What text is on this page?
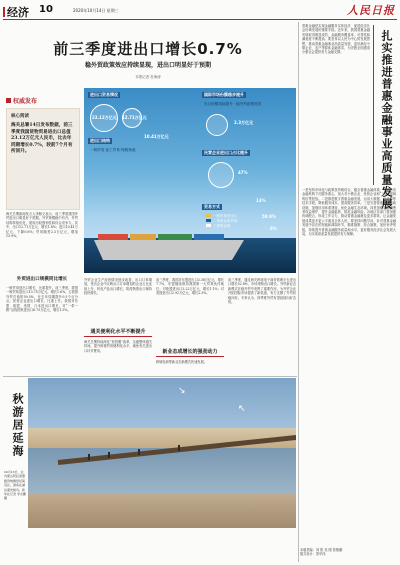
经济 10	2020年10月14日 星期三	人民日报
前三季度进出口增长0.7%
稳外贸政策效应持续显现，进出口明显好于预期
本报记者 杜海涛
权威发布
核心阅读
海关总署14日发布数据，前三季度我国货物贸易进出口总值23.12万亿元人民币，比去年同期增长0.7%，较前7个月有所回升。
海关总署新闻发言人李魁文表示，前三季度我国外贸进出口明显好于预期，外贸规模稳中有升，外贸结构持续优化，展现出较强韧性和综合竞争力。其中，出口12.71万亿元，增长1.8%；进口10.41万亿元，下降0.6%；贸易顺差2.3万亿元，增加13.9%。
外贸进出口规模同比增长
一般贸易进出口增长，比重提升。前三季度，我国一般贸易进出口13.75万亿元，增长1.6%，占我国外贸总值的59.5%，比去年同期提升0.5个百分点。民营企业进出口增长，比重上升。我国对东盟、欧盟、美国、日本进出口增长，对“一带一路”沿线国家进出口6.75万亿元，增长1.5%。
进出口贸易情况
23.12万亿元 12.71万亿元
进出口结构
一般贸易·加工贸易·保税物流
10.41万亿元
国际市场份额稳步提升
出口份额持续提升 · 稳外贸政策见效
2.3万亿元
民营企业进出口占比提升
47%
贸易方式
一般贸易进出口
二季度以来贸易
三季度以来
59.9%
8%
13%
外贸企业生产经营情况逐步改善，出口订单增加，受访企业中反映出口订单增加的企业占比连续上升。机电产品出口增长，防疫物资出口保持较快增长。
通关便利化水平不断提升
海关总署持续深化“放管服”改革，压缩整体通关时间，提升跨境贸易便利化水平，减免有关进出口环节费用。
前三季度，我国对东盟进出口3.38万亿元，增长7.7%，东盟继续保持我国第一大贸易伙伴地位；对欧盟进出口3.22万亿元，增长1.1%；对美国进出口2.92万亿元，增长2.3%。
新业态成增长的强劲动力
跨境电商等新业态新模式快速发展。
前三季度，通过海关跨境电子商务管理平台进出口增长52.8%，市场采购出口增长。外贸新业态新模式在稳外贸中发挥了重要作用，为外贸企业开拓国际市场提供了新渠道，有力支撑了外贸回稳向好。专家认为，四季度外贸有望延续向好态势。
扎实推进普惠金融事业高质量发展
普惠金融是实现金融服务实体经济、促进经济社会协调发展的重要手段。近年来，我国普惠金融发展取得明显成效，金融服务覆盖率、可得性和满意度不断提高。要坚持以人民为中心的发展思想，推动普惠金融事业高质量发展，更好满足小微企业、农户等群体金融需求，为决胜全面建成小康社会提供有力金融支撑。
一是坚持市场化与政策扶持相结合，健全普惠金融体系，引导各类金融机构下沉服务重心，加大对小微企业、民营企业和“三农”领域的信贷投放。二是推进数字普惠金融发展，运用大数据、云计算等技术手段，降低服务成本，提高服务效率。三是完善普惠金融基础设施，加强信用体系建设，优化金融生态环境。四是加强金融消费者权益保护，提升金融素养，防范金融风险。各地区各部门要加强协调配合，形成工作合力，推动普惠金融惠及更多群体，让金融发展成果更多更公平惠及全体人民。要坚持问题导向，针对普惠金融发展中存在的短板和薄弱环节，精准施策、综合施策，加快补齐短板，持续提升普惠金融服务质量和水平，更好服务经济社会发展大局，为实现高质量发展提供有力保障。
↘
↖
秋游居延海
10月13日，在内蒙古阿拉善盟额济纳旗居延海景区，游客在湖边观赏候鸟。新华社记者 李志鹏摄
本版责编：刘 阳 吴 刚 张艳鹏
版式设计：蔡华伟
